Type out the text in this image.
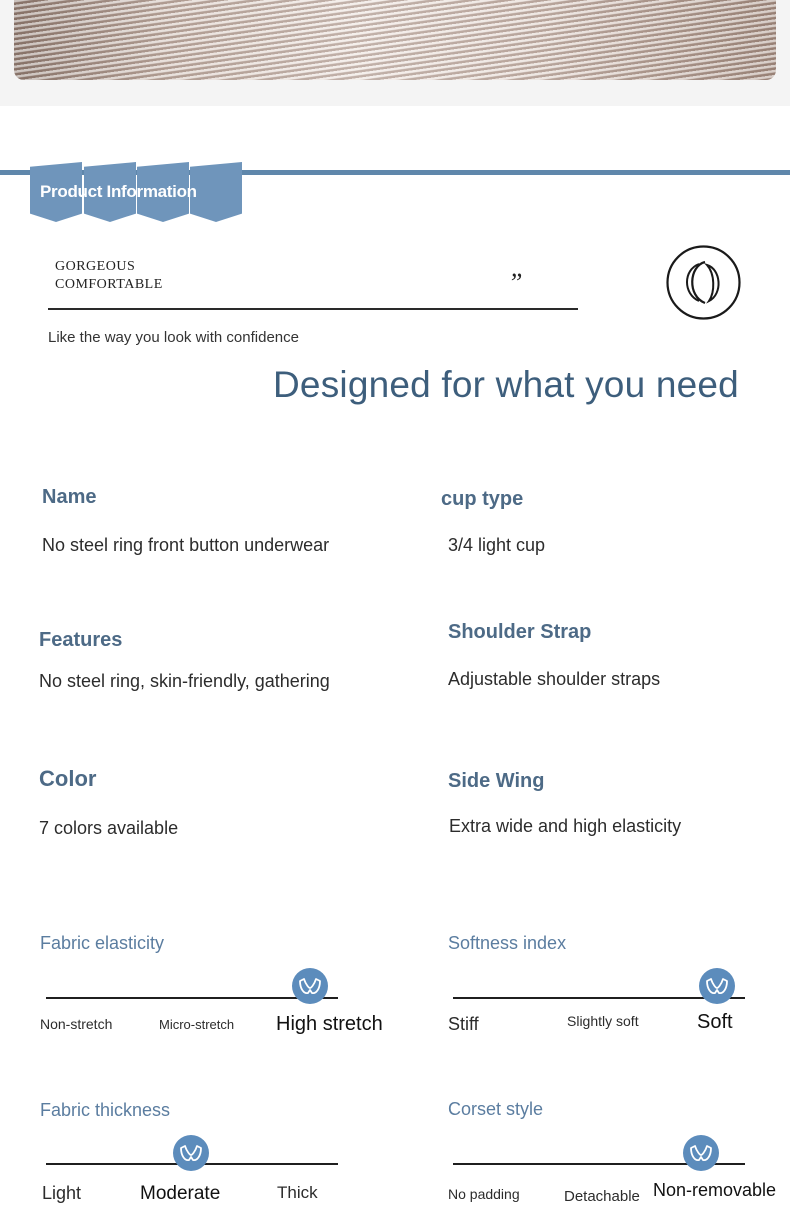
Product Information
GORGEOUS
COMFORTABLE	”
Like the way you look with confidence
Designed for what you need
Name
No steel ring front button underwear
cup type
3/4 light cup
Features
No steel ring, skin-friendly, gathering
Shoulder Strap
Adjustable shoulder straps
Color
7 colors available
Side Wing
Extra wide and high elasticity
Fabric elasticity
Non-stretch	Micro-stretch High stretch
Softness index
Stiff	Slightly soft	Soft
Fabric thickness
Light	Moderate	Thick
Corset style
No padding	Detachable Non-removable
